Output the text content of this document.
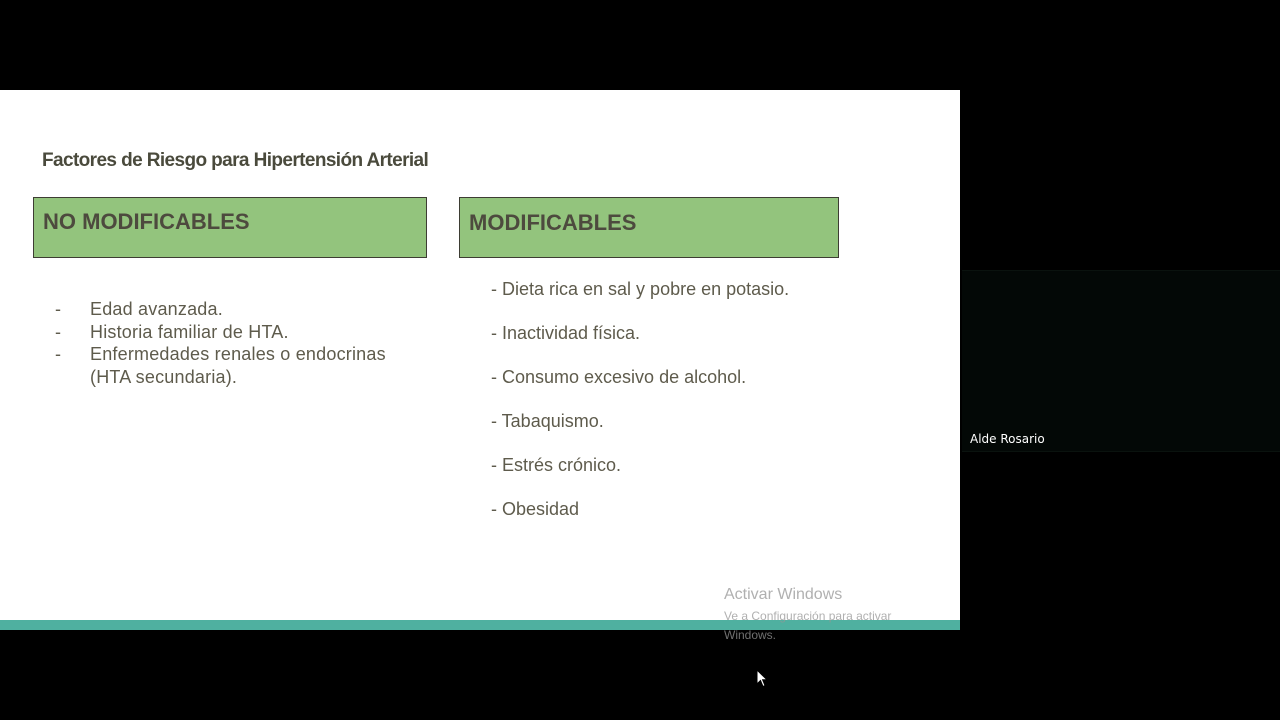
Factores de Riesgo para Hipertensión Arterial
NO MODIFICABLES	MODIFICABLES
- Edad avanzada.
- Historia familiar de HTA.
- Enfermedades renales o endocrinas (HTA secundaria).
- Dieta rica en sal y pobre en potasio.
- Inactividad física.
- Consumo excesivo de alcohol.
- Tabaquismo.
- Estrés crónico.
- Obesidad
Activar Windows
Ve a Configuración para activar Windows.
Alde Rosario
